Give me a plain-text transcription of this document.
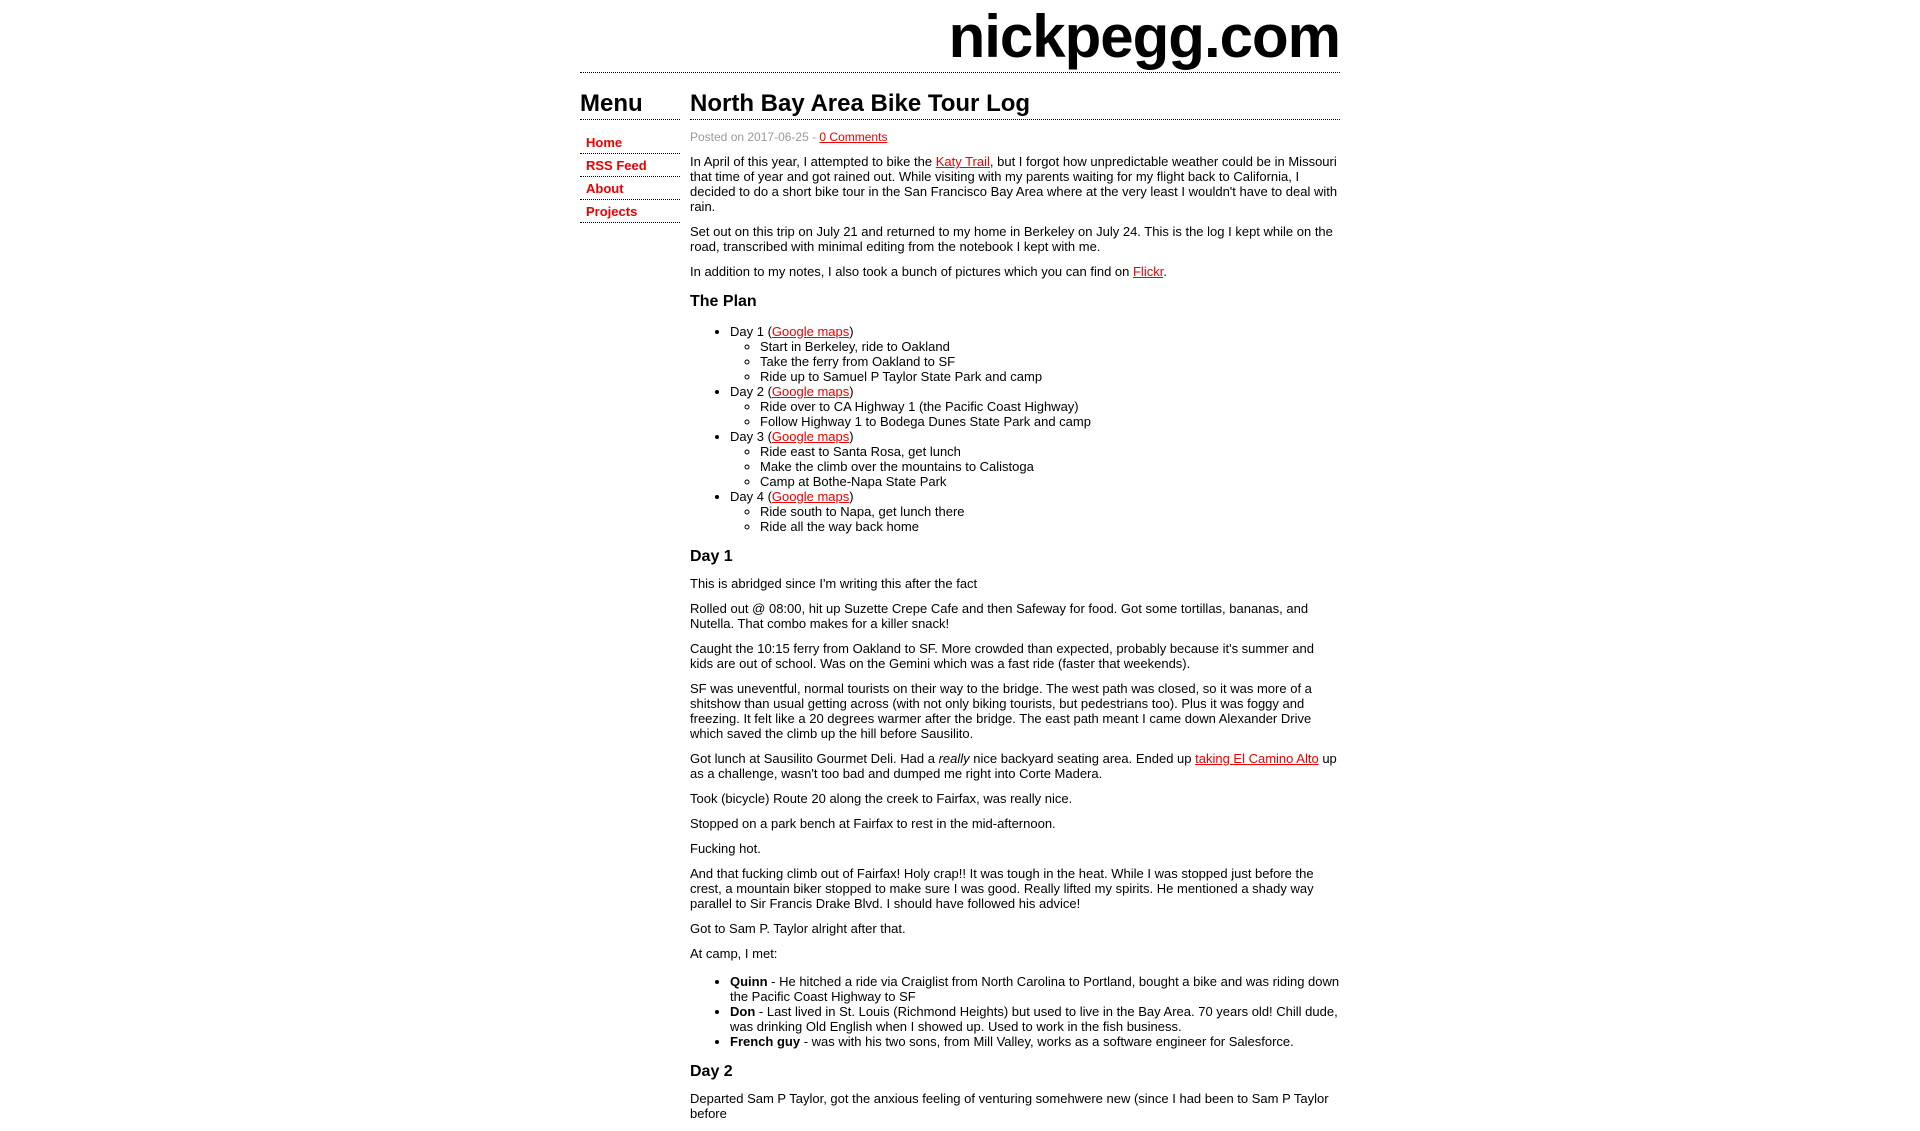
nickpegg.com
Menu
Home
RSS Feed
About
Projects
North Bay Area Bike Tour Log

Posted on 2017-06-25 - 0 Comments

In April of this year, I attempted to bike the Katy Trail, but I forgot how unpredictable weather could be in Missouri that time of year and got rained out. While visiting with my parents waiting for my flight back to California, I decided to do a short bike tour in the San Francisco Bay Area where at the very least I wouldn't have to deal with rain.

Set out on this trip on July 21 and returned to my home in Berkeley on July 24. This is the log I kept while on the road, transcribed with minimal editing from the notebook I kept with me.

In addition to my notes, I also took a bunch of pictures which you can find on Flickr.

The Plan
• Day 1 (Google maps)
◦ Start in Berkeley, ride to Oakland
◦ Take the ferry from Oakland to SF
◦ Ride up to Samuel P Taylor State Park and camp
• Day 2 (Google maps)
◦ Ride over to CA Highway 1 (the Pacific Coast Highway)
◦ Follow Highway 1 to Bodega Dunes State Park and camp
• Day 3 (Google maps)
◦ Ride east to Santa Rosa, get lunch
◦ Make the climb over the mountains to Calistoga
◦ Camp at Bothe-Napa State Park
• Day 4 (Google maps)
◦ Ride south to Napa, get lunch there
◦ Ride all the way back home
Day 1

This is abridged since I'm writing this after the fact

Rolled out @ 08:00, hit up Suzette Crepe Cafe and then Safeway for food. Got some tortillas, bananas, and Nutella. That combo makes for a killer snack!

Caught the 10:15 ferry from Oakland to SF. More crowded than expected, probably because it's summer and kids are out of school. Was on the Gemini which was a fast ride (faster that weekends).

SF was uneventful, normal tourists on their way to the bridge. The west path was closed, so it was more of a shitshow than usual getting across (with not only biking tourists, but pedestrians too). Plus it was foggy and freezing. It felt like a 20 degrees warmer after the bridge. The east path meant I came down Alexander Drive which saved the climb up the hill before Sausilito.

Got lunch at Sausilito Gourmet Deli. Had a really nice backyard seating area. Ended up taking El Camino Alto up as a challenge, wasn't too bad and dumped me right into Corte Madera.

Took (bicycle) Route 20 along the creek to Fairfax, was really nice.

Stopped on a park bench at Fairfax to rest in the mid-afternoon.

Fucking hot.

And that fucking climb out of Fairfax! Holy crap!! It was tough in the heat. While I was stopped just before the crest, a mountain biker stopped to make sure I was good. Really lifted my spirits. He mentioned a shady way parallel to Sir Francis Drake Blvd. I should have followed his advice!

Got to Sam P. Taylor alright after that.

At camp, I met:

• Quinn - He hitched a ride via Craiglist from North Carolina to Portland, bought a bike and was riding down the Pacific Coast Highway to SF
• Don - Last lived in St. Louis (Richmond Heights) but used to live in the Bay Area. 70 years old! Chill dude, was drinking Old English when I showed up. Used to work in the fish business.
• French guy - was with his two sons, from Mill Valley, works as a software engineer for Salesforce.
Day 2

Departed Sam P Taylor, got the anxious feeling of venturing somehwere new (since I had been to Sam P Taylor before
